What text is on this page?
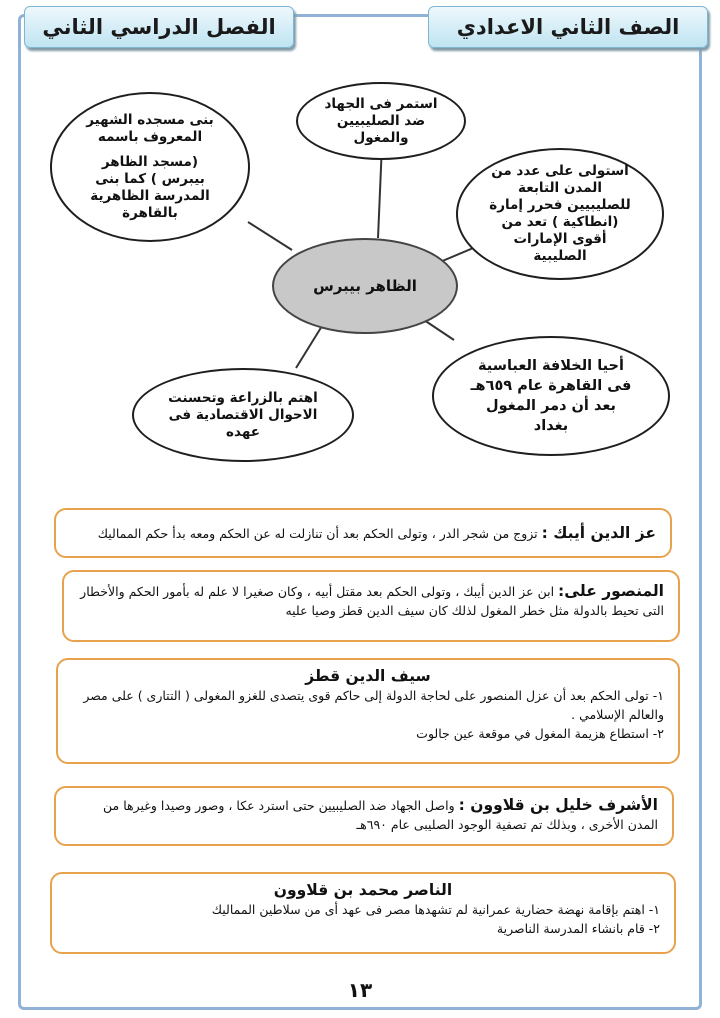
الصف الثاني الاعدادي
الفصل الدراسي الثاني
استمر فى الجهاد ضد الصليبيين والمغول
بنى مسجده الشهير المعروف باسمه
(مسجد الظاهر بيبرس ) كما بنى المدرسة الظاهرية بالقاهرة
استولى على عدد من المدن التابعة للصليبيين فحرر إمارة (انطاكية ) تعد من أقوى الإمارات الصليبية
الظاهر بيبرس
اهتم بالزراعة وتحسنت الاحوال الاقتصادية فى عهده
أحيا الخلافة العباسية فى القاهرة عام ٦٥٩هـ بعد أن دمر المغول بغداد
عز الدين أيبك : تزوج من شجر الدر ، وتولى الحكم بعد أن تنازلت له عن الحكم ومعه بدأ حكم المماليك
المنصور على: ابن عز الدين أيبك ، وتولى الحكم بعد مقتل أبيه ، وكان صغيرا لا علم له بأمور الحكم والأخطار التى تحيط بالدولة مثل خطر المغول لذلك كان سيف الدين قطز وصيا عليه
سيف الدين قطز
١- تولى الحكم بعد أن عزل المنصور على لحاجة الدولة إلى حاكم قوى يتصدى للغزو المغولى ( التتارى ) على مصر والعالم الإسلامي .
٢- استطاع هزيمة المغول في موقعة عين جالوت
الأشرف خليل بن قلاوون : واصل الجهاد ضد الصليبيين حتى استرد عكا ، وصور وصيدا وغيرها من المدن الأخرى ، وبذلك تم تصفية الوجود الصليبى عام ٦٩٠هـ
الناصر محمد بن قلاوون
١- اهتم بإقامة نهضة حضارية عمرانية لم تشهدها مصر فى عهد أى من سلاطين المماليك
٢- قام بانشاء المدرسة الناصرية
١٣
